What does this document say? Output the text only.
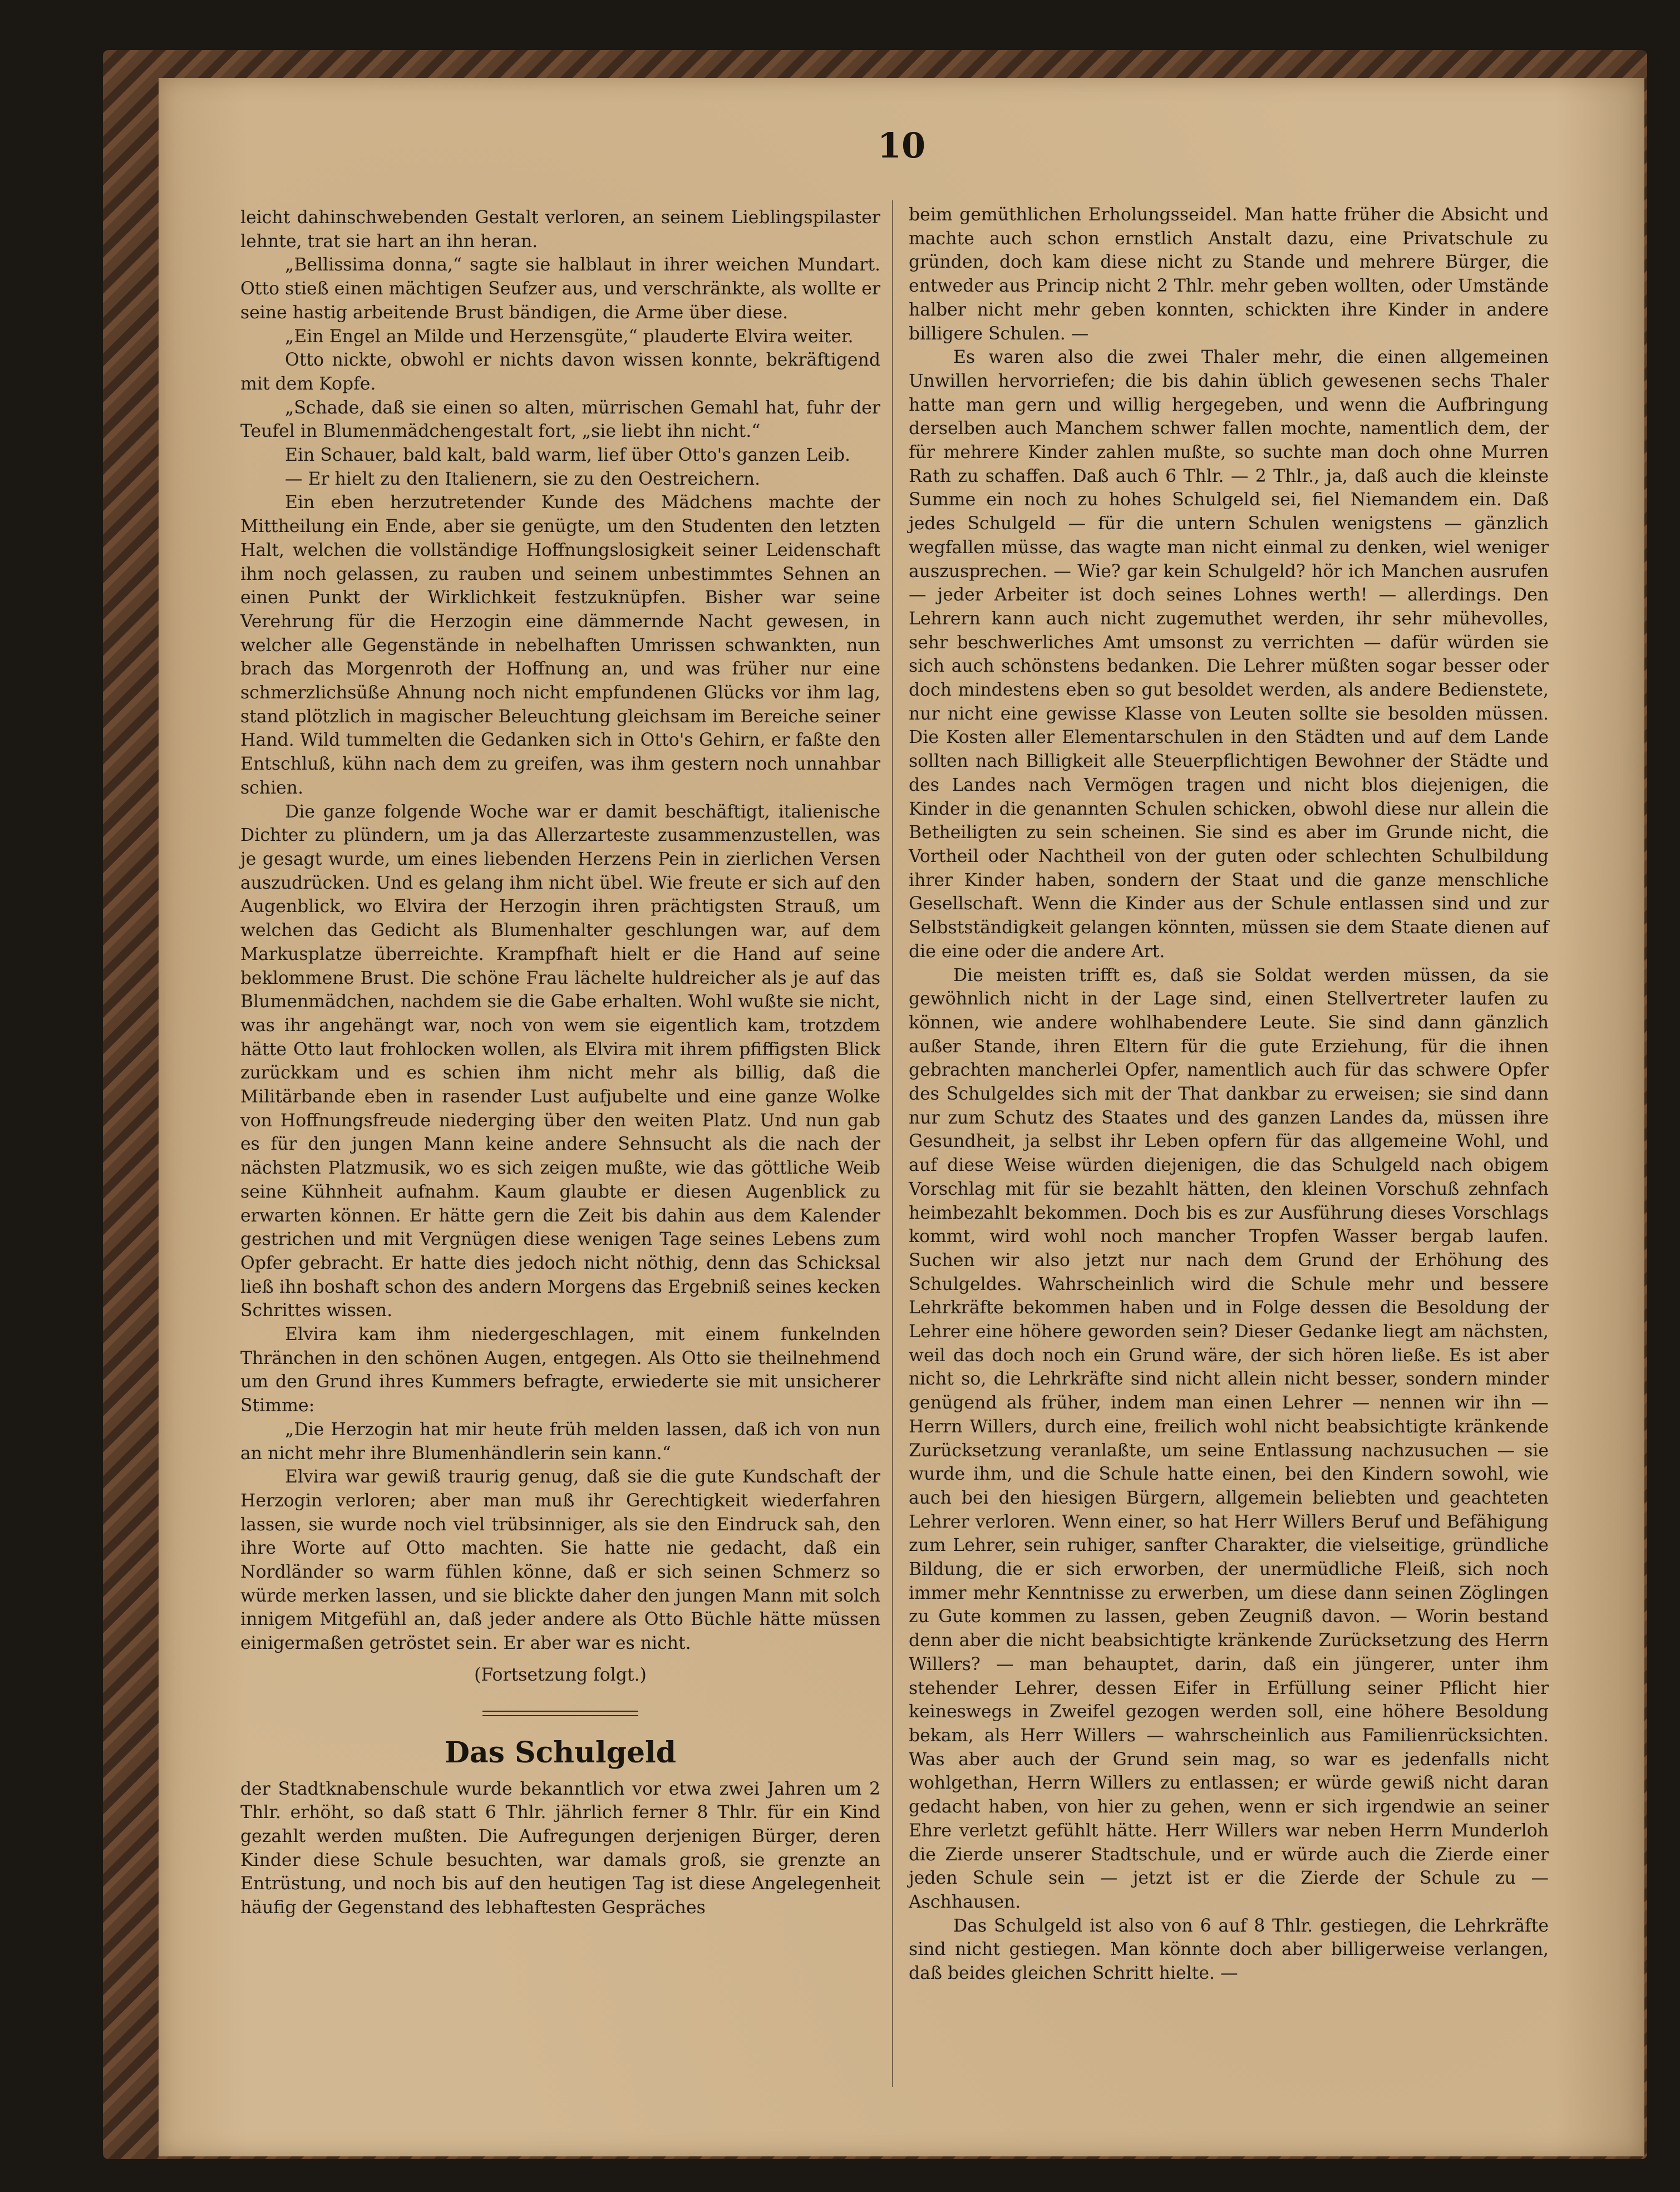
10

leicht dahinschwebenden Gestalt verloren, an seinem Lieblingspilaster lehnte, trat sie hart an ihn heran.

„Bellissima donna,“ sagte sie halblaut in ihrer weichen Mundart. Otto stieß einen mächtigen Seufzer aus, und verschränkte, als wollte er seine hastig arbeitende Brust bändigen, die Arme über diese.

„Ein Engel an Milde und Herzensgüte,“ plauderte Elvira weiter.

Otto nickte, obwohl er nichts davon wissen konnte, bekräftigend mit dem Kopfe.

„Schade, daß sie einen so alten, mürrischen Gemahl hat, fuhr der Teufel in Blumenmädchengestalt fort, „sie liebt ihn nicht.“

Ein Schauer, bald kalt, bald warm, lief über Otto's ganzen Leib.

— Er hielt zu den Italienern, sie zu den Oestreichern.

Ein eben herzutretender Kunde des Mädchens machte der Mittheilung ein Ende, aber sie genügte, um den Studenten den letzten Halt, welchen die vollständige Hoffnungslosigkeit seiner Leidenschaft ihm noch gelassen, zu rauben und seinem unbestimmtes Sehnen an einen Punkt der Wirklichkeit festzuknüpfen. Bisher war seine Verehrung für die Herzogin eine dämmernde Nacht gewesen, in welcher alle Gegenstände in nebelhaften Umrissen schwankten, nun brach das Morgenroth der Hoffnung an, und was früher nur eine schmerzlichsüße Ahnung noch nicht empfundenen Glücks vor ihm lag, stand plötzlich in magischer Beleuchtung gleichsam im Bereiche seiner Hand. Wild tummelten die Gedanken sich in Otto's Gehirn, er faßte den Entschluß, kühn nach dem zu greifen, was ihm gestern noch unnahbar schien.

Die ganze folgende Woche war er damit beschäftigt, italienische Dichter zu plündern, um ja das Allerzarteste zusammenzustellen, was je gesagt wurde, um eines liebenden Herzens Pein in zierlichen Versen auszudrücken. Und es gelang ihm nicht übel. Wie freute er sich auf den Augenblick, wo Elvira der Herzogin ihren prächtigsten Strauß, um welchen das Gedicht als Blumenhalter geschlungen war, auf dem Markusplatze überreichte. Krampfhaft hielt er die Hand auf seine beklommene Brust. Die schöne Frau lächelte huldreicher als je auf das Blumenmädchen, nachdem sie die Gabe erhalten. Wohl wußte sie nicht, was ihr angehängt war, noch von wem sie eigentlich kam, trotzdem hätte Otto laut frohlocken wollen, als Elvira mit ihrem pfiffigsten Blick zurückkam und es schien ihm nicht mehr als billig, daß die Militärbande eben in rasender Lust aufjubelte und eine ganze Wolke von Hoffnungsfreude niederging über den weiten Platz. Und nun gab es für den jungen Mann keine andere Sehnsucht als die nach der nächsten Platzmusik, wo es sich zeigen mußte, wie das göttliche Weib seine Kühnheit aufnahm. Kaum glaubte er diesen Augenblick zu erwarten können. Er hätte gern die Zeit bis dahin aus dem Kalender gestrichen und mit Vergnügen diese wenigen Tage seines Lebens zum Opfer gebracht. Er hatte dies jedoch nicht nöthig, denn das Schicksal ließ ihn boshaft schon des andern Morgens das Ergebniß seines kecken Schrittes wissen.

Elvira kam ihm niedergeschlagen, mit einem funkelnden Thränchen in den schönen Augen, entgegen. Als Otto sie theilnehmend um den Grund ihres Kummers befragte, erwiederte sie mit unsicherer Stimme:

„Die Herzogin hat mir heute früh melden lassen, daß ich von nun an nicht mehr ihre Blumenhändlerin sein kann.“

Elvira war gewiß traurig genug, daß sie die gute Kundschaft der Herzogin verloren; aber man muß ihr Gerechtigkeit wiederfahren lassen, sie wurde noch viel trübsinniger, als sie den Eindruck sah, den ihre Worte auf Otto machten. Sie hatte nie gedacht, daß ein Nordländer so warm fühlen könne, daß er sich seinen Schmerz so würde merken lassen, und sie blickte daher den jungen Mann mit solch innigem Mitgefühl an, daß jeder andere als Otto Büchle hätte müssen einigermaßen getröstet sein. Er aber war es nicht.

(Fortsetzung folgt.)

Das Schulgeld

der Stadtknabenschule wurde bekanntlich vor etwa zwei Jahren um 2 Thlr. erhöht, so daß statt 6 Thlr. jährlich ferner 8 Thlr. für ein Kind gezahlt werden mußten. Die Aufregungen derjenigen Bürger, deren Kinder diese Schule besuchten, war damals groß, sie grenzte an Entrüstung, und noch bis auf den heutigen Tag ist diese Angelegenheit häufig der Gegenstand des lebhaftesten Gespräches

beim gemüthlichen Erholungsseidel. Man hatte früher die Absicht und machte auch schon ernstlich Anstalt dazu, eine Privatschule zu gründen, doch kam diese nicht zu Stande und mehrere Bürger, die entweder aus Princip nicht 2 Thlr. mehr geben wollten, oder Umstände halber nicht mehr geben konnten, schickten ihre Kinder in andere billigere Schulen. —

Es waren also die zwei Thaler mehr, die einen allgemeinen Unwillen hervorriefen; die bis dahin üblich gewesenen sechs Thaler hatte man gern und willig hergegeben, und wenn die Aufbringung derselben auch Manchem schwer fallen mochte, namentlich dem, der für mehrere Kinder zahlen mußte, so suchte man doch ohne Murren Rath zu schaffen. Daß auch 6 Thlr. — 2 Thlr., ja, daß auch die kleinste Summe ein noch zu hohes Schulgeld sei, fiel Niemandem ein. Daß jedes Schulgeld — für die untern Schulen wenigstens — gänzlich wegfallen müsse, das wagte man nicht einmal zu denken, wiel weniger auszusprechen. — Wie? gar kein Schulgeld? hör ich Manchen ausrufen — jeder Arbeiter ist doch seines Lohnes werth! — allerdings. Den Lehrern kann auch nicht zugemuthet werden, ihr sehr mühevolles, sehr beschwerliches Amt umsonst zu verrichten — dafür würden sie sich auch schönstens bedanken. Die Lehrer müßten sogar besser oder doch mindestens eben so gut besoldet werden, als andere Bedienstete, nur nicht eine gewisse Klasse von Leuten sollte sie besolden müssen. Die Kosten aller Elementarschulen in den Städten und auf dem Lande sollten nach Billigkeit alle Steuerpflichtigen Bewohner der Städte und des Landes nach Vermögen tragen und nicht blos diejenigen, die Kinder in die genannten Schulen schicken, obwohl diese nur allein die Betheiligten zu sein scheinen. Sie sind es aber im Grunde nicht, die Vortheil oder Nachtheil von der guten oder schlechten Schulbildung ihrer Kinder haben, sondern der Staat und die ganze menschliche Gesellschaft. Wenn die Kinder aus der Schule entlassen sind und zur Selbstständigkeit gelangen könnten, müssen sie dem Staate dienen auf die eine oder die andere Art.

Die meisten trifft es, daß sie Soldat werden müssen, da sie gewöhnlich nicht in der Lage sind, einen Stellvertreter laufen zu können, wie andere wohlhabendere Leute. Sie sind dann gänzlich außer Stande, ihren Eltern für die gute Erziehung, für die ihnen gebrachten mancherlei Opfer, namentlich auch für das schwere Opfer des Schulgeldes sich mit der That dankbar zu erweisen; sie sind dann nur zum Schutz des Staates und des ganzen Landes da, müssen ihre Gesundheit, ja selbst ihr Leben opfern für das allgemeine Wohl, und auf diese Weise würden diejenigen, die das Schulgeld nach obigem Vorschlag mit für sie bezahlt hätten, den kleinen Vorschuß zehnfach heimbezahlt bekommen. Doch bis es zur Ausführung dieses Vorschlags kommt, wird wohl noch mancher Tropfen Wasser bergab laufen. Suchen wir also jetzt nur nach dem Grund der Erhöhung des Schulgeldes. Wahrscheinlich wird die Schule mehr und bessere Lehrkräfte bekommen haben und in Folge dessen die Besoldung der Lehrer eine höhere geworden sein? Dieser Gedanke liegt am nächsten, weil das doch noch ein Grund wäre, der sich hören ließe. Es ist aber nicht so, die Lehrkräfte sind nicht allein nicht besser, sondern minder genügend als früher, indem man einen Lehrer — nennen wir ihn — Herrn Willers, durch eine, freilich wohl nicht beabsichtigte kränkende Zurücksetzung veranlaßte, um seine Entlassung nachzusuchen — sie wurde ihm, und die Schule hatte einen, bei den Kindern sowohl, wie auch bei den hiesigen Bürgern, allgemein beliebten und geachteten Lehrer verloren. Wenn einer, so hat Herr Willers Beruf und Befähigung zum Lehrer, sein ruhiger, sanfter Charakter, die vielseitige, gründliche Bildung, die er sich erworben, der unermüdliche Fleiß, sich noch immer mehr Kenntnisse zu erwerben, um diese dann seinen Zöglingen zu Gute kommen zu lassen, geben Zeugniß davon. — Worin bestand denn aber die nicht beabsichtigte kränkende Zurücksetzung des Herrn Willers? — man behauptet, darin, daß ein jüngerer, unter ihm stehender Lehrer, dessen Eifer in Erfüllung seiner Pflicht hier keineswegs in Zweifel gezogen werden soll, eine höhere Besoldung bekam, als Herr Willers — wahrscheinlich aus Familienrücksichten. Was aber auch der Grund sein mag, so war es jedenfalls nicht wohlgethan, Herrn Willers zu entlassen; er würde gewiß nicht daran gedacht haben, von hier zu gehen, wenn er sich irgendwie an seiner Ehre verletzt gefühlt hätte. Herr Willers war neben Herrn Munderloh die Zierde unserer Stadtschule, und er würde auch die Zierde einer jeden Schule sein — jetzt ist er die Zierde der Schule zu — Aschhausen.

Das Schulgeld ist also von 6 auf 8 Thlr. gestiegen, die Lehrkräfte sind nicht gestiegen. Man könnte doch aber billigerweise verlangen, daß beides gleichen Schritt hielte. —
